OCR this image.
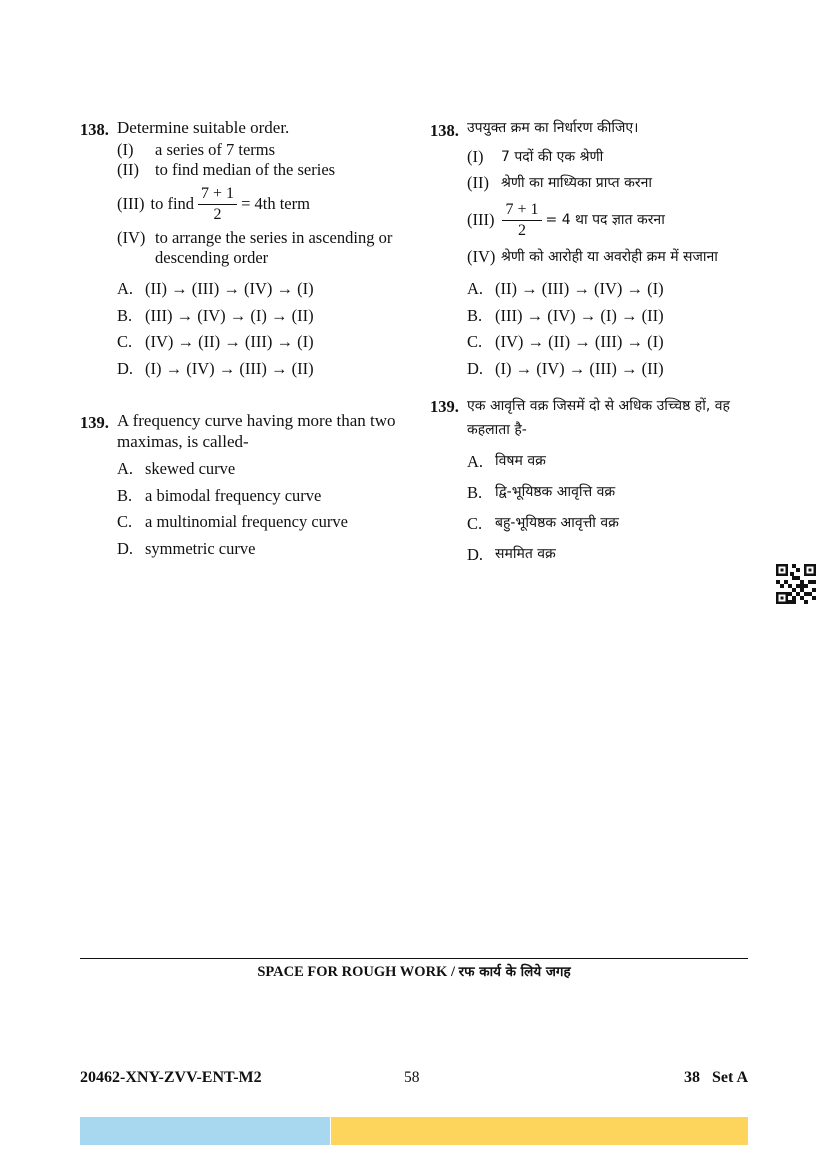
138. Determine suitable order.
(I)	a series of 7 terms
(II) to find median of the series
(III) to find $\frac{7 + 1}{2} = 4th$ term
(IV) to arrange the series in ascending or descending order
A. (II) → (III) → (IV) → (I)
B. (III) → (IV) → (I) → (II)
C. (IV) → (II) → (III) → (I)
D. (I) → (IV) → (III) → (II)
139. A frequency curve having more than two maximas, is called-
A. skewed curve
B. a bimodal frequency curve
C. a multinomial frequency curve
D. symmetric curve
138. उपयुक्त क्रम का निर्धारण कीजिए।
(I)	7 पदों की एक श्रेणी
(II) श्रेणी का माध्यिका प्राप्त करना
$(III) \frac{7 + 1}{2} = 4$ था पद ज्ञात करना
(IV) श्रेणी को आरोही या अवरोही क्रम में सजाना
A. (II) → (III) → (IV) → (I)
B. (III) → (IV) → (I) → (II)
C. (IV) → (II) → (III) → (I)
D. (I) → (IV) → (III) → (II)
139. एक आवृत्ति वक्र जिसमें दो से अधिक उच्चिष्ठ हों, वह कहलाता है-
A. विषम वक्र
B. द्वि-भूयिष्ठक आवृत्ति वक्र
C. बहु-भूयिष्ठक आवृत्ती वक्र
D. सममित वक्र
SPACE FOR ROUGH WORK / रफ कार्य के लिये जगह
20462-XNY-ZVV-ENT-M2	58	38   Set A
